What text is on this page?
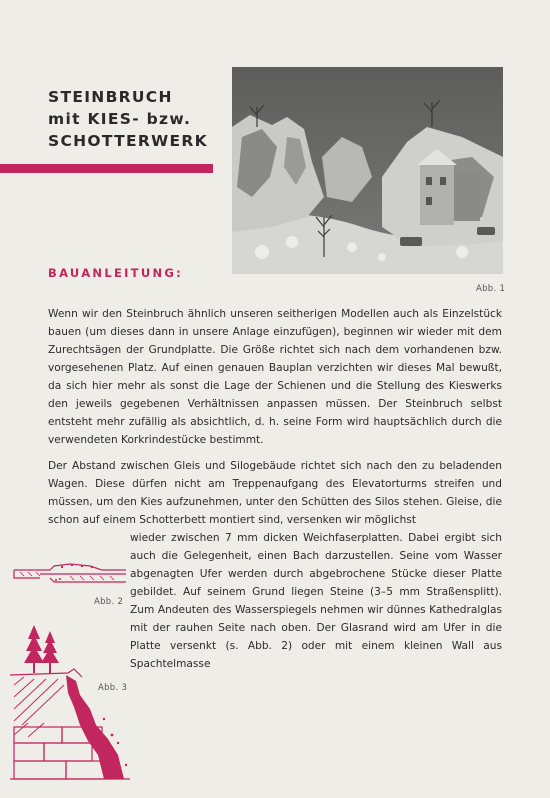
STEINBRUCH
mit KIES- bzw.
SCHOTTERWERK
Abb. 1
BAUANLEITUNG:

Wenn wir den Steinbruch ähnlich unseren seitherigen Modellen auch als Einzelstück bauen (um dieses dann in unsere Anlage einzufügen), beginnen wir wieder mit dem Zurechtsägen der Grundplatte. Die Größe richtet sich nach dem vorhandenen bzw. vorgesehenen Platz. Auf einen genauen Bauplan verzichten wir dieses Mal bewußt, da sich hier mehr als sonst die Lage der Schienen und die Stellung des Kieswerks den jeweils gegebenen Verhältnissen anpassen müssen. Der Steinbruch selbst entsteht mehr zufällig als absichtlich, d. h. seine Form wird hauptsächlich durch die verwendeten Korkrindestücke bestimmt.

Der Abstand zwischen Gleis und Silogebäude richtet sich nach den zu beladenden Wagen. Diese dürfen nicht am Treppenaufgang des Elevatorturms streifen und müssen, um den Kies aufzunehmen, unter den Schütten des Silos stehen. Gleise, die schon auf einem Schotterbett montiert sind, versenken wir möglichst

wieder zwischen 7 mm dicken Weichfaserplatten. Dabei ergibt sich auch die Gelegenheit, einen Bach darzustellen. Seine vom Wasser abgenagten Ufer werden durch abgebrochene Stücke dieser Platte gebildet. Auf seinem Grund liegen Steine (3–5 mm Straßensplitt). Zum Andeuten des Wasserspiegels nehmen wir dünnes Kathedralglas mit der rauhen Seite nach oben. Der Glasrand wird am Ufer in die Platte versenkt (s. Abb. 2) oder mit einem kleinen Wall aus Spachtelmasse

Abb. 2
Abb. 3
